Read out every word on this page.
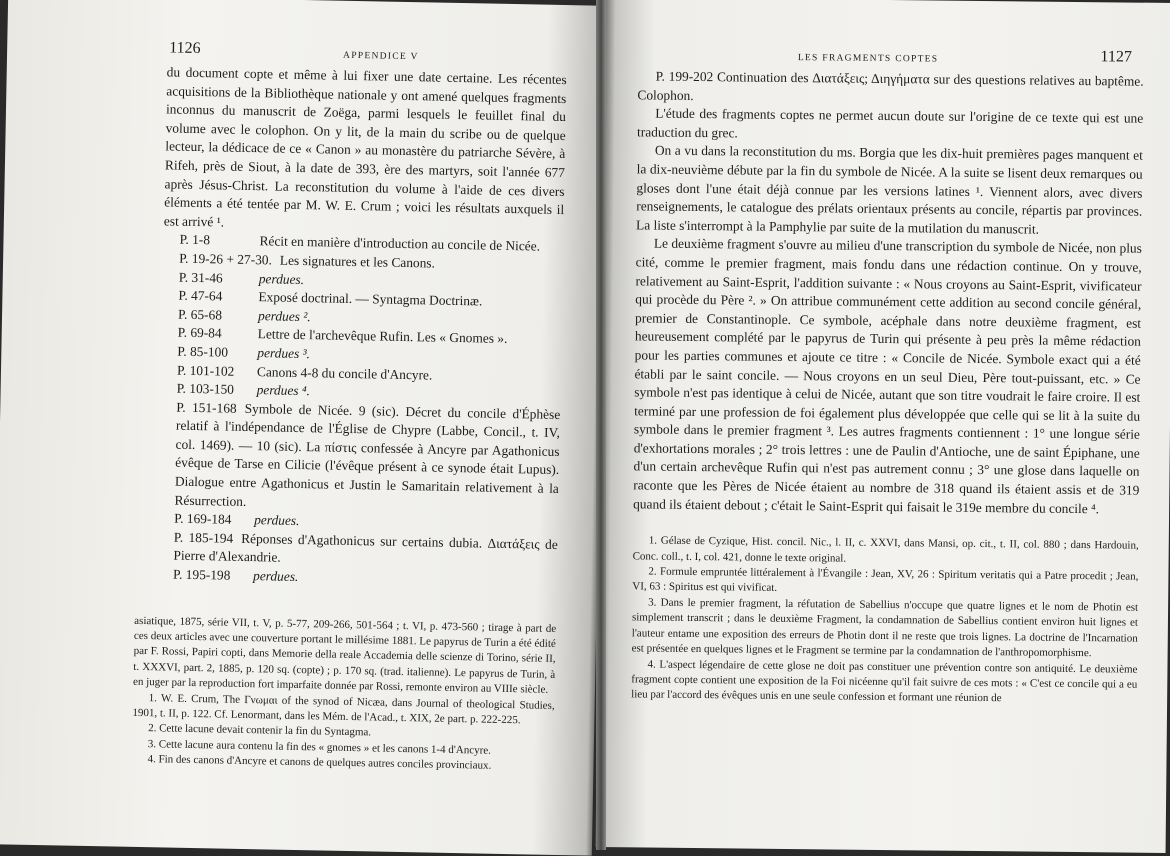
1126	APPENDICE V

du document copte et même à lui fixer une date certaine. Les récentes acquisitions de la Bibliothèque nationale y ont amené quelques fragments inconnus du manuscrit de Zoëga, parmi lesquels le feuillet final du volume avec le colophon. On y lit, de la main du scribe ou de quelque lecteur, la dédicace de ce « Canon » au monastère du patriarche Sévère, à Rifeh, près de Siout, à la date de 393, ère des martyrs, soit l'année 677 après Jésus-Christ. La reconstitution du volume à l'aide de ces divers éléments a été tentée par M. W. E. Crum ; voici les résultats auxquels il est arrivé ¹.

P. 1-8	Récit en manière d'introduction au concile de Nicée.
P. 19-26 + 27-30. Les signatures et les Canons.
P. 31-46	perdues.
P. 47-64	Exposé doctrinal. — Syntagma Doctrinæ.
P. 65-68	perdues ².
P. 69-84	Lettre de l'archevêque Rufin. Les « Gnomes ».
P. 85-100	perdues ³.
P. 101-102	Canons 4-8 du concile d'Ancyre.
P. 103-150	perdues ⁴.
P. 151-168 Symbole de Nicée. 9 (sic). Décret du concile d'Éphèse relatif à l'indépendance de l'Église de Chypre (Labbe, Concil., t. IV, col. 1469). — 10 (sic). La πίστις confessée à Ancyre par Agathonicus évêque de Tarse en Cilicie (l'évêque présent à ce synode était Lupus). Dialogue entre Agathonicus et Justin le Samaritain relativement à la Résurrection.
P. 169-184	perdues.
P. 185-194 Réponses d'Agathonicus sur certains dubia. Διατάξεις de Pierre d'Alexandrie.
P. 195-198	perdues.

asiatique, 1875, série VII, t. V, p. 5-77, 209-266, 501-564 ; t. VI, p. 473-560 ; tirage à part de ces deux articles avec une couverture portant le millésime 1881. Le papyrus de Turin a été édité par F. Rossi, Papiri copti, dans Memorie della reale Accademia delle scienze di Torino, série II, t. XXXVI, part. 2, 1885, p. 120 sq. (copte) ; p. 170 sq. (trad. italienne). Le papyrus de Turin, à en juger par la reproduction fort imparfaite donnée par Rossi, remonte environ au VIIIe siècle.

1. W. E. Crum, The Γνωμαι of the synod of Nicæa, dans Journal of theological Studies, 1901, t. II, p. 122. Cf. Lenormant, dans les Mém. de l'Acad., t. XIX, 2e part. p. 222-225.

2. Cette lacune devait contenir la fin du Syntagma.

3. Cette lacune aura contenu la fin des « gnomes » et les canons 1-4 d'Ancyre.

4. Fin des canons d'Ancyre et canons de quelques autres conciles provinciaux.

LES FRAGMENTS COPTES	1127

P. 199-202 Continuation des Διατάξεις; Διηγήματα sur des questions relatives au baptême. Colophon.

L'étude des fragments coptes ne permet aucun doute sur l'origine de ce texte qui est une traduction du grec.

On a vu dans la reconstitution du ms. Borgia que les dix-huit premières pages manquent et la dix-neuvième débute par la fin du symbole de Nicée. A la suite se lisent deux remarques ou gloses dont l'une était déjà connue par les versions latines ¹. Viennent alors, avec divers renseignements, le catalogue des prélats orientaux présents au concile, répartis par provinces. La liste s'interrompt à la Pamphylie par suite de la mutilation du manuscrit.

Le deuxième fragment s'ouvre au milieu d'une transcription du symbole de Nicée, non plus cité, comme le premier fragment, mais fondu dans une rédaction continue. On y trouve, relativement au Saint-Esprit, l'addition suivante : « Nous croyons au Saint-Esprit, vivificateur qui procède du Père ². » On attribue communément cette addition au second concile général, premier de Constantinople. Ce symbole, acéphale dans notre deuxième fragment, est heureusement complété par le papyrus de Turin qui présente à peu près la même rédaction pour les parties communes et ajoute ce titre : « Concile de Nicée. Symbole exact qui a été établi par le saint concile. — Nous croyons en un seul Dieu, Père tout-puissant, etc. » Ce symbole n'est pas identique à celui de Nicée, autant que son titre voudrait le faire croire. Il est terminé par une profession de foi également plus développée que celle qui se lit à la suite du symbole dans le premier fragment ³. Les autres fragments contiennent : 1° une longue série d'exhortations morales ; 2° trois lettres : une de Paulin d'Antioche, une de saint Épiphane, une d'un certain archevêque Rufin qui n'est pas autrement connu ; 3° une glose dans laquelle on raconte que les Pères de Nicée étaient au nombre de 318 quand ils étaient assis et de 319 quand ils étaient debout ; c'était le Saint-Esprit qui faisait le 319e membre du concile ⁴.

1. Gélase de Cyzique, Hist. concil. Nic., l. II, c. XXVI, dans Mansi, op. cit., t. II, col. 880 ; dans Hardouin, Conc. coll., t. I, col. 421, donne le texte original.

2. Formule empruntée littéralement à l'Évangile : Jean, XV, 26 : Spiritum veritatis qui a Patre procedit ; Jean, VI, 63 : Spiritus est qui vivificat.

3. Dans le premier fragment, la réfutation de Sabellius n'occupe que quatre lignes et le nom de Photin est simplement transcrit ; dans le deuxième Fragment, la condamnation de Sabellius contient environ huit lignes et l'auteur entame une exposition des erreurs de Photin dont il ne reste que trois lignes. La doctrine de l'Incarnation est présentée en quelques lignes et le Fragment se termine par la condamnation de l'anthropomorphisme.

4. L'aspect légendaire de cette glose ne doit pas constituer une prévention contre son antiquité. Le deuxième fragment copte contient une exposition de la Foi nicéenne qu'il fait suivre de ces mots : « C'est ce concile qui a eu lieu par l'accord des évêques unis en une seule confession et formant une réunion de
